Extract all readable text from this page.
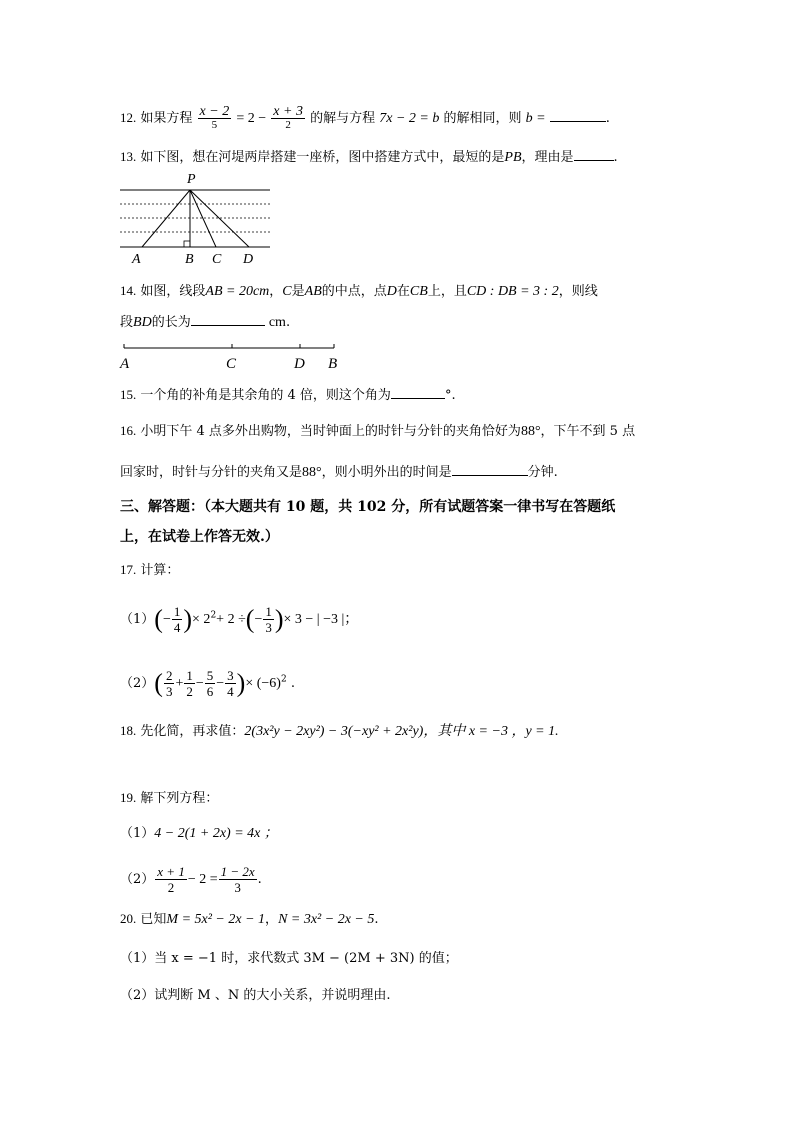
12. 如果方程 $\frac{x - 2}{5} = 2 - \frac{x + 3}{2}$ 的解与方程 7x − 2 = b 的解相同，则 b =	.
13. 如下图，想在河堤两岸搭建一座桥，图中搭建方式中，最短的是PB，理由是	.
P
A	B C D
14. 如图，线段AB = 20cm，C是AB的中点，点D在CB上，且CD : DB = 3 : 2，则线
段BD的长为	cm.
A	C	D B
15. 一个角的补角是其余角的 4 倍，则这个角为	°.
16. 小明下午 4 点多外出购物，当时钟面上的时针与分针的夹角恰好为88°，下午不到 5 点
回家时，时针与分针的夹角又是88°，则小明外出的时间是	分钟.
三、解答题：（本大题共有 10 题，共 102 分，所有试题答案一律书写在答题纸
上，在试卷上作答无效.）
17. 计算：
$(1)(- \frac{1}{4}$ )× $2^2+ 2$ ÷(− $\frac{1}{3}$ )× 3 − | −3 |；
$(2)( \frac{2}{3} + \frac{1}{2} - \frac{5}{6} - \frac{3}{4}$ )× $(-6)^2$ .
18. 先化简，再求值：2(3x²y − 2xy²) − 3(−xy² + 2x²y)，其中 x = −3 ，y = 1.
19. 解下列方程：
（1）4 − 2(1 + 2x) = 4x ；
$(2) \frac{x + 1}{2} - 2 = \frac{1 - 2x}{3}$ .
20. 已知M = 5x² − 2x − 1，N = 3x² − 2x − 5.
（1）当 x = −1 时，求代数式 3M − (2M + 3N) 的值；
（2）试判断 M 、N 的大小关系，并说明理由.
